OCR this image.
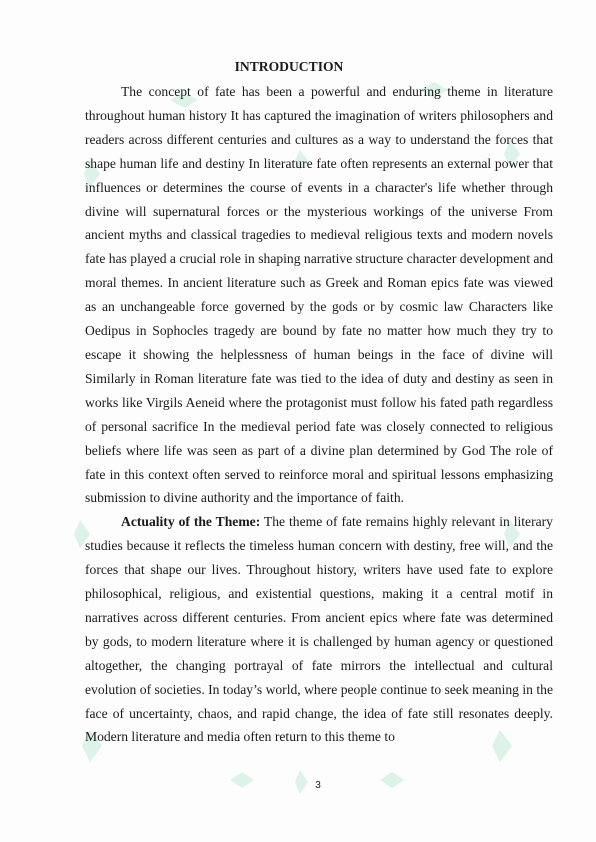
INTRODUCTION

The concept of fate has been a powerful and enduring theme in literature throughout human history It has captured the imagination of writers philosophers and readers across different centuries and cultures as a way to understand the forces that shape human life and destiny In literature fate often represents an external power that influences or determines the course of events in a character's life whether through divine will supernatural forces or the mysterious workings of the universe From ancient myths and classical tragedies to medieval religious texts and modern novels fate has played a crucial role in shaping narrative structure character development and moral themes. In ancient literature such as Greek and Roman epics fate was viewed as an unchangeable force governed by the gods or by cosmic law Characters like Oedipus in Sophocles tragedy are bound by fate no matter how much they try to escape it showing the helplessness of human beings in the face of divine will Similarly in Roman literature fate was tied to the idea of duty and destiny as seen in works like Virgils Aeneid where the protagonist must follow his fated path regardless of personal sacrifice In the medieval period fate was closely connected to religious beliefs where life was seen as part of a divine plan determined by God The role of fate in this context often served to reinforce moral and spiritual lessons emphasizing submission to divine authority and the importance of faith.

Actuality of the Theme: The theme of fate remains highly relevant in literary studies because it reflects the timeless human concern with destiny, free will, and the forces that shape our lives. Throughout history, writers have used fate to explore philosophical, religious, and existential questions, making it a central motif in narratives across different centuries. From ancient epics where fate was determined by gods, to modern literature where it is challenged by human agency or questioned altogether, the changing portrayal of fate mirrors the intellectual and cultural evolution of societies. In today’s world, where people continue to seek meaning in the face of uncertainty, chaos, and rapid change, the idea of fate still resonates deeply. Modern literature and media often return to this theme to

3
